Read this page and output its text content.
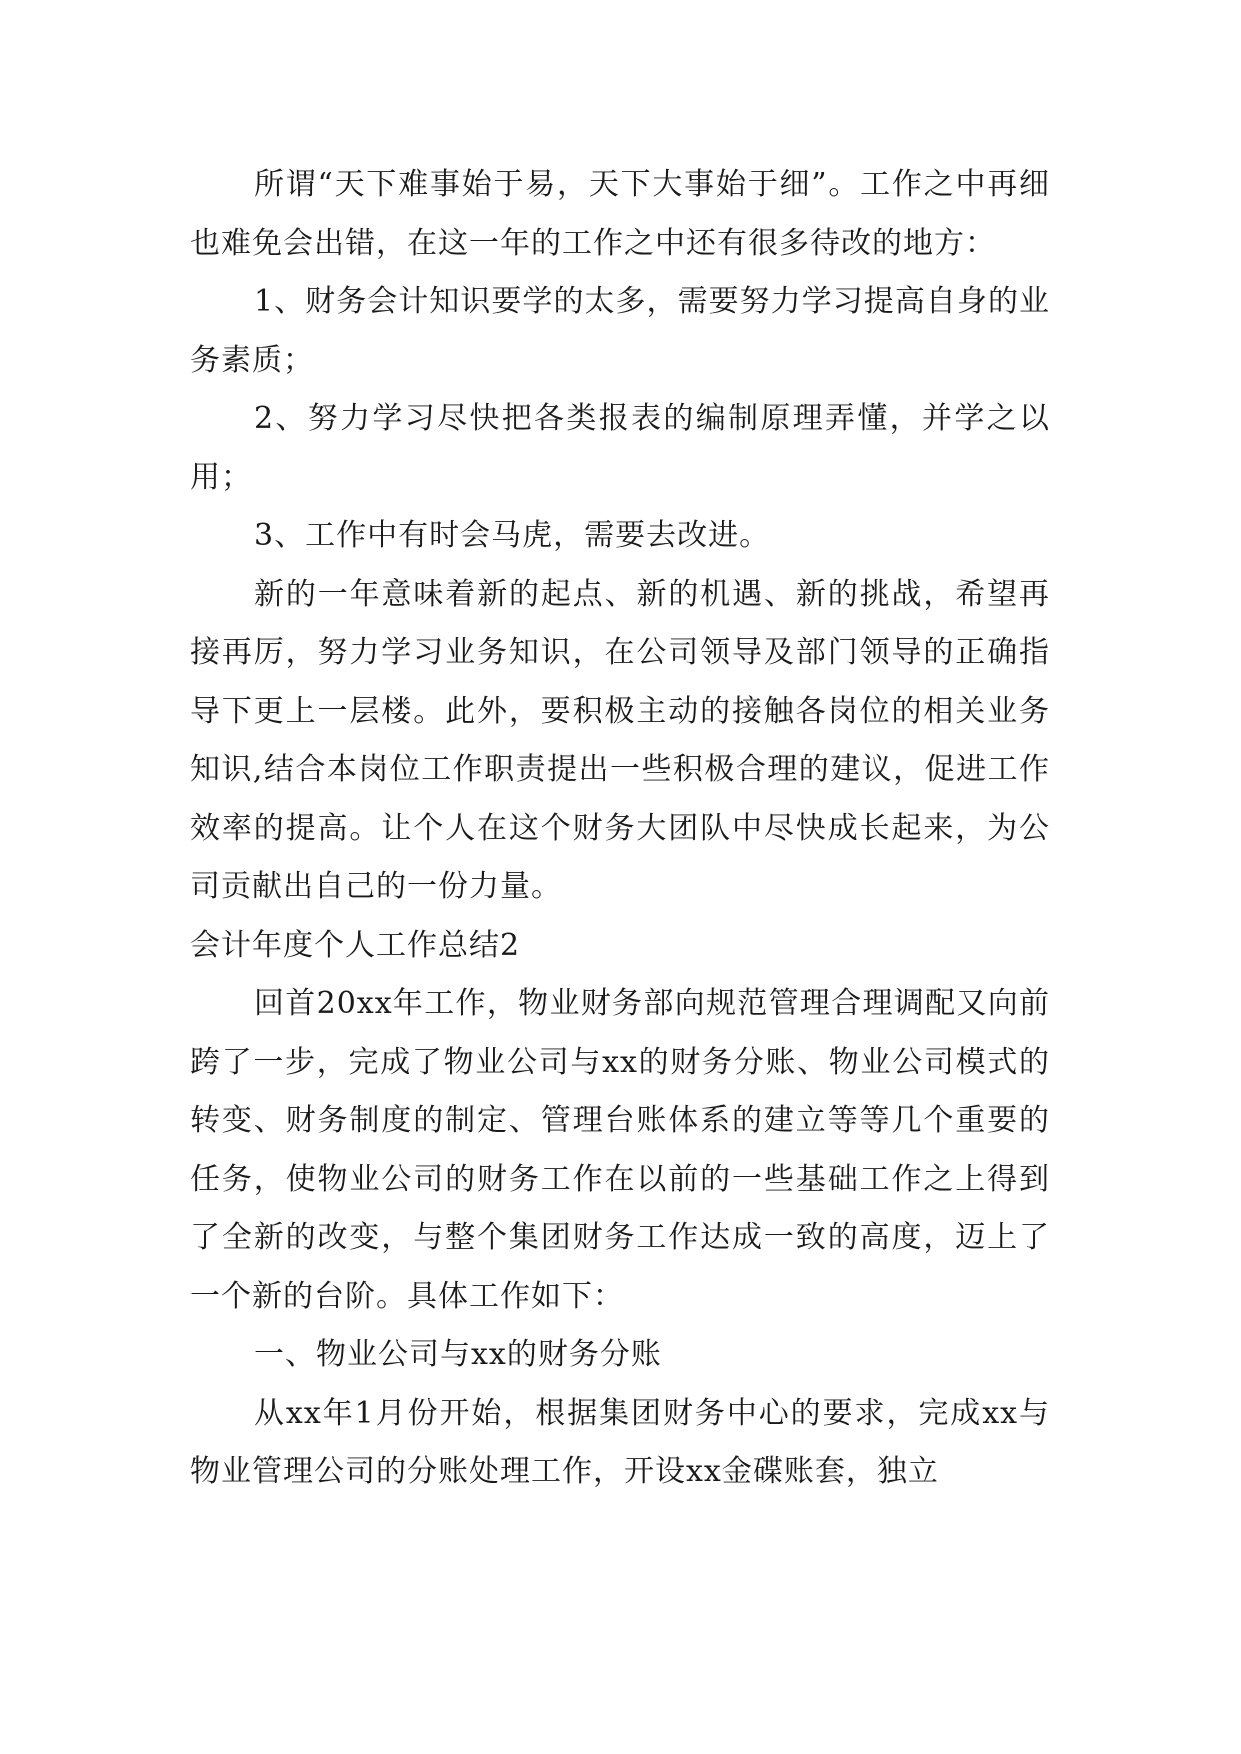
所谓“天下难事始于易，天下大事始于细”。工作之中再细也难免会出错，在这一年的工作之中还有很多待改的地方：

1、财务会计知识要学的太多，需要努力学习提高自身的业务素质；

2、努力学习尽快把各类报表的编制原理弄懂，并学之以用；

3、工作中有时会马虎，需要去改进。

新的一年意味着新的起点、新的机遇、新的挑战，希望再接再厉，努力学习业务知识，在公司领导及部门领导的正确指导下更上一层楼。此外，要积极主动的接触各岗位的相关业务知识,结合本岗位工作职责提出一些积极合理的建议，促进工作效率的提高。让个人在这个财务大团队中尽快成长起来，为公司贡献出自己的一份力量。

会计年度个人工作总结2

回首20xx年工作，物业财务部向规范管理合理调配又向前跨了一步，完成了物业公司与xx的财务分账、物业公司模式的转变、财务制度的制定、管理台账体系的建立等等几个重要的任务，使物业公司的财务工作在以前的一些基础工作之上得到了全新的改变，与整个集团财务工作达成一致的高度，迈上了一个新的台阶。具体工作如下：

一、物业公司与xx的财务分账

从xx年1月份开始，根据集团财务中心的要求，完成xx与物业管理公司的分账处理工作，开设xx金碟账套，独立
